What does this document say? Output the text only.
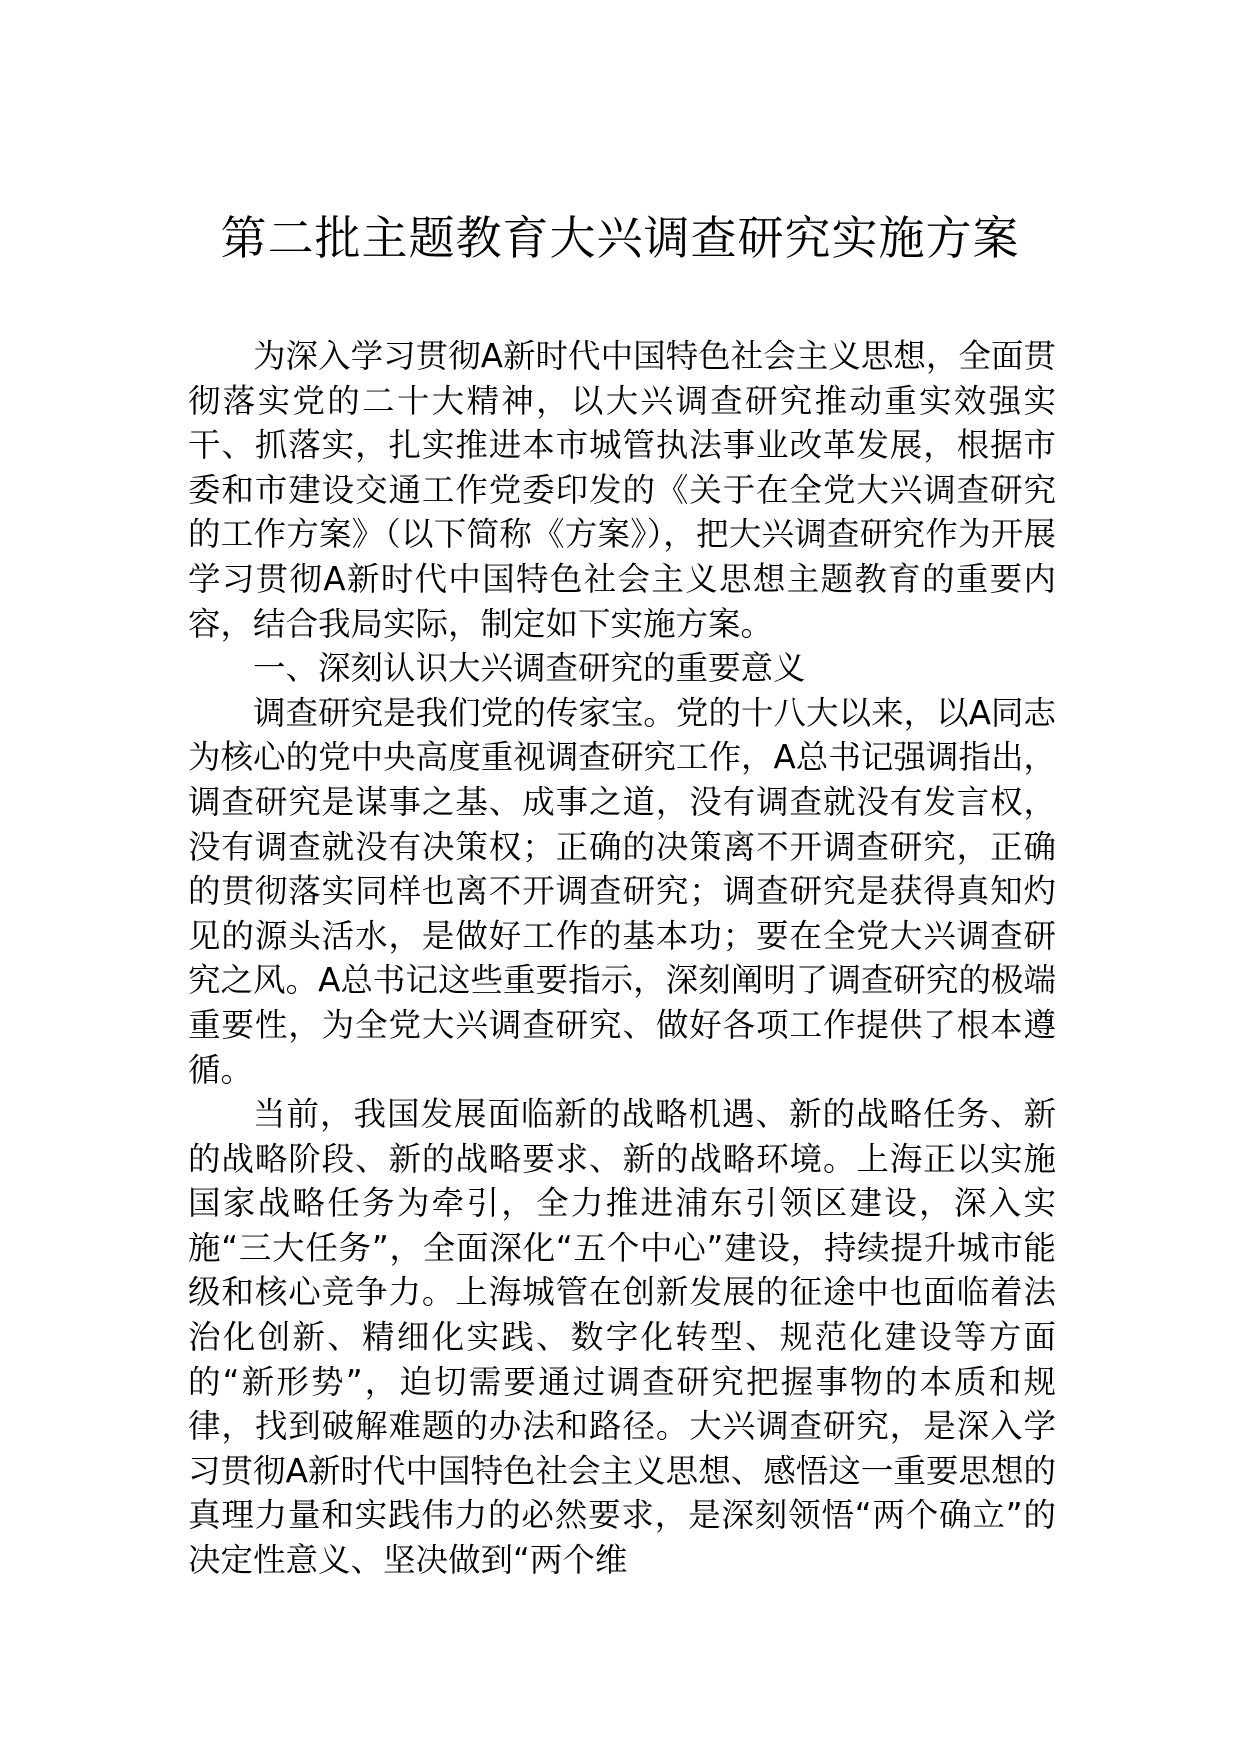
第二批主题教育大兴调查研究实施方案

为深入学习贯彻A新时代中国特色社会主义思想，全面贯彻落实党的二十大精神，以大兴调查研究推动重实效强实干、抓落实，扎实推进本市城管执法事业改革发展，根据市委和市建设交通工作党委印发的《关于在全党大兴调查研究的工作方案》（以下简称《方案》），把大兴调查研究作为开展学习贯彻A新时代中国特色社会主义思想主题教育的重要内容，结合我局实际，制定如下实施方案。

一、深刻认识大兴调查研究的重要意义

调查研究是我们党的传家宝。党的十八大以来，以A同志为核心的党中央高度重视调查研究工作，A总书记强调指出，调查研究是谋事之基、成事之道，没有调查就没有发言权，没有调查就没有决策权；正确的决策离不开调查研究，正确的贯彻落实同样也离不开调查研究；调查研究是获得真知灼见的源头活水，是做好工作的基本功；要在全党大兴调查研究之风。A总书记这些重要指示，深刻阐明了调查研究的极端重要性，为全党大兴调查研究、做好各项工作提供了根本遵循。

当前，我国发展面临新的战略机遇、新的战略任务、新的战略阶段、新的战略要求、新的战略环境。上海正以实施国家战略任务为牵引，全力推进浦东引领区建设，深入实施“三大任务”，全面深化“五个中心”建设，持续提升城市能级和核心竞争力。上海城管在创新发展的征途中也面临着法治化创新、精细化实践、数字化转型、规范化建设等方面的“新形势”，迫切需要通过调查研究把握事物的本质和规律，找到破解难题的办法和路径。大兴调查研究，是深入学习贯彻A新时代中国特色社会主义思想、感悟这一重要思想的真理力量和实践伟力的必然要求，是深刻领悟“两个确立”的决定性意义、坚决做到“两个维
